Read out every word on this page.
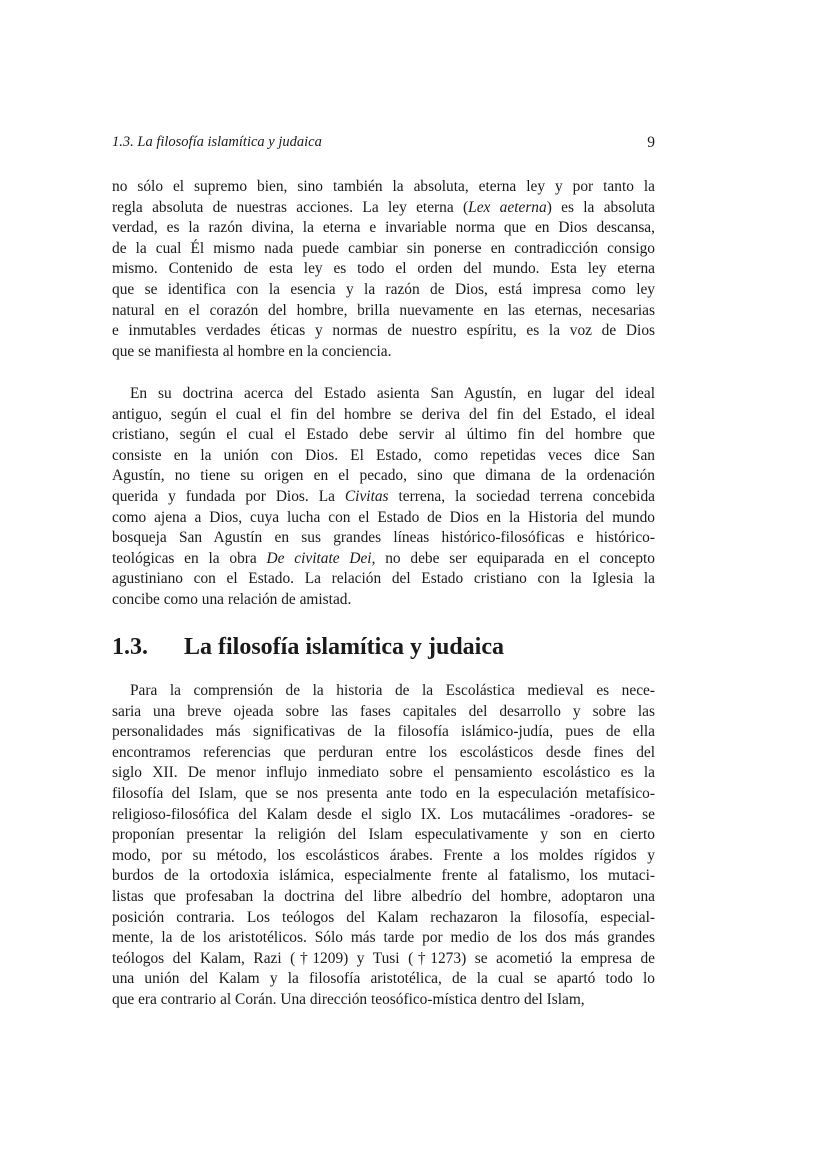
1.3. La filosofía islamítica y judaica	9
no sólo el supremo bien, sino también la absoluta, eterna ley y por tanto la
regla absoluta de nuestras acciones. La ley eterna (Lex aeterna) es la absoluta
verdad, es la razón divina, la eterna e invariable norma que en Dios descansa,
de la cual Él mismo nada puede cambiar sin ponerse en contradicción consigo
mismo. Contenido de esta ley es todo el orden del mundo. Esta ley eterna
que se identifica con la esencia y la razón de Dios, está impresa como ley
natural en el corazón del hombre, brilla nuevamente en las eternas, necesarias
e inmutables verdades éticas y normas de nuestro espíritu, es la voz de Dios
que se manifiesta al hombre en la conciencia.
En su doctrina acerca del Estado asienta San Agustín, en lugar del ideal
antiguo, según el cual el fin del hombre se deriva del fin del Estado, el ideal
cristiano, según el cual el Estado debe servir al último fin del hombre que
consiste en la unión con Dios. El Estado, como repetidas veces dice San
Agustín, no tiene su origen en el pecado, sino que dimana de la ordenación
querida y fundada por Dios. La Civitas terrena, la sociedad terrena concebida
como ajena a Dios, cuya lucha con el Estado de Dios en la Historia del mundo
bosqueja San Agustín en sus grandes líneas histórico-filosóficas e histórico-
teológicas en la obra De civitate Dei, no debe ser equiparada en el concepto
agustiniano con el Estado. La relación del Estado cristiano con la Iglesia la
concibe como una relación de amistad.
1.3. La filosofía islamítica y judaica
Para la comprensión de la historia de la Escolástica medieval es nece-
saria una breve ojeada sobre las fases capitales del desarrollo y sobre las
personalidades más significativas de la filosofía islámico-judía, pues de ella
encontramos referencias que perduran entre los escolásticos desde fines del
siglo XII. De menor influjo inmediato sobre el pensamiento escolástico es la
filosofía del Islam, que se nos presenta ante todo en la especulación metafísico-
religioso-filosófica del Kalam desde el siglo IX. Los mutacálimes -oradores- se
proponían presentar la religión del Islam especulativamente y son en cierto
modo, por su método, los escolásticos árabes. Frente a los moldes rígidos y
burdos de la ortodoxia islámica, especialmente frente al fatalismo, los mutaci-
listas que profesaban la doctrina del libre albedrío del hombre, adoptaron una
posición contraria. Los teólogos del Kalam rechazaron la filosofía, especial-
mente, la de los aristotélicos. Sólo más tarde por medio de los dos más grandes
teólogos del Kalam, Razi (†1209) y Tusi (†1273) se acometió la empresa de
una unión del Kalam y la filosofía aristotélica, de la cual se apartó todo lo
que era contrario al Corán. Una dirección teosófico-mística dentro del Islam,
